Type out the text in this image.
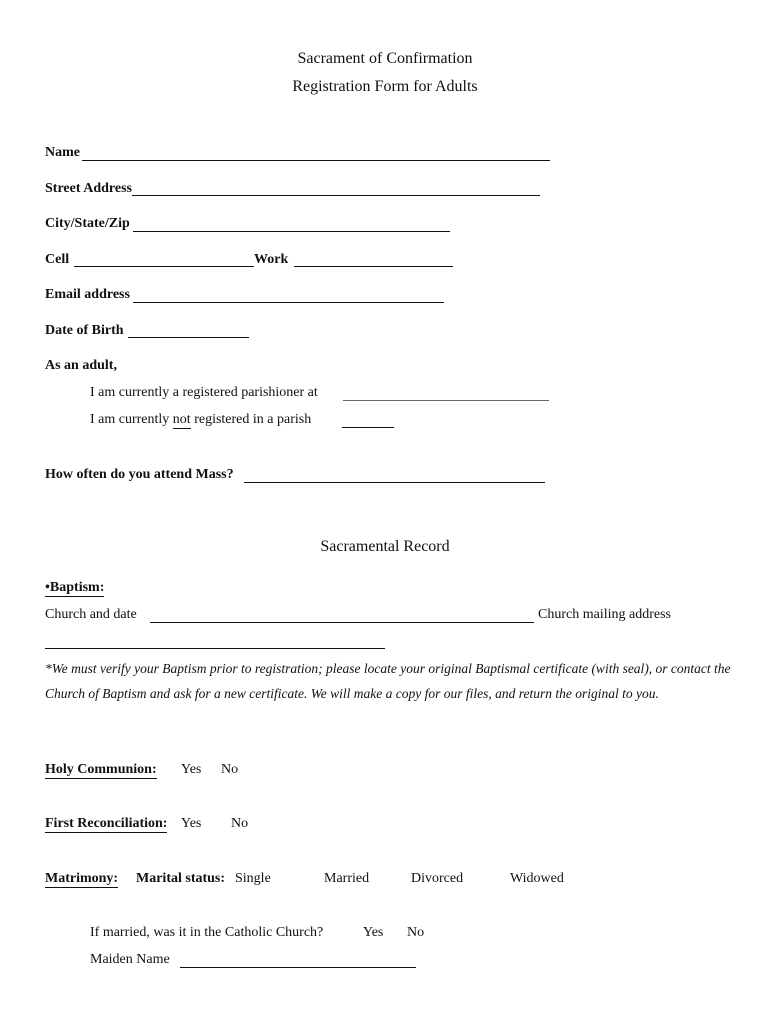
Sacrament of Confirmation
Registration Form for Adults
Name
Street Address
City/State/Zip
Cell	Work
Email address
Date of Birth
As an adult,
I am currently a registered parishioner at
I am currently not registered in a parish
How often do you attend Mass?
Sacramental Record
•Baptism:
Church and date	Church mailing address
*We must verify your Baptism prior to registration; please locate your original Baptismal certificate (with seal), or contact the Church of Baptism and ask for a new certificate. We will make a copy for our files, and return the original to you.
Holy Communion: Yes No
First Reconciliation: Yes No
Matrimony: Marital status: Single	Married	Divorced	Widowed
If married, was it in the Catholic Church?	Yes No
Maiden Name
